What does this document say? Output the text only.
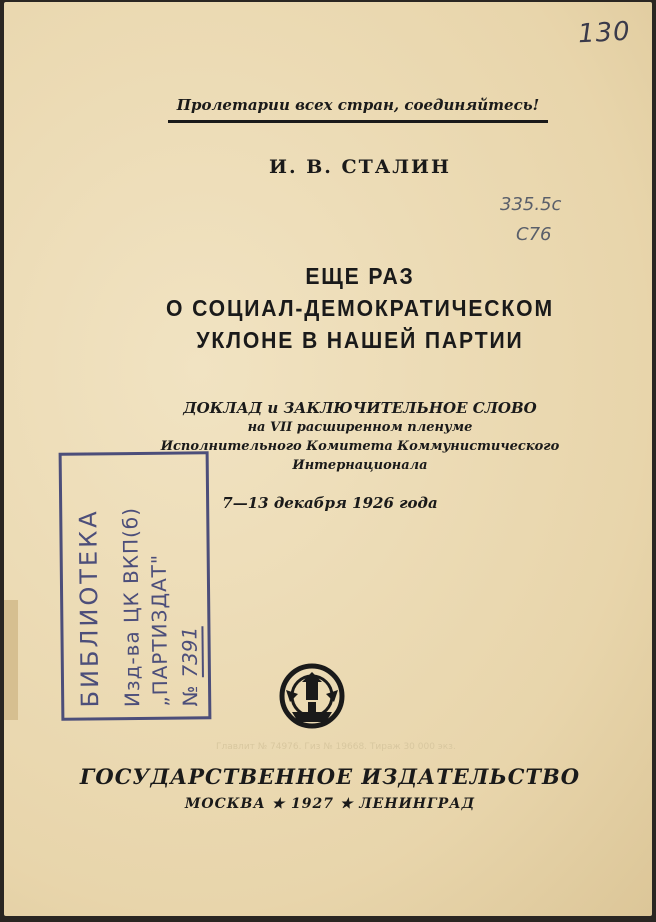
130
335.5с
С76
Пролетарии всех стран, соединяйтесь!
И. В. СТАЛИН
ЕЩЕ РАЗ
О СОЦИАЛ-ДЕМОКРАТИЧЕСКОМ
УКЛОНЕ В НАШЕЙ ПАРТИИ
ДОКЛАД и ЗАКЛЮЧИТЕЛЬНОЕ СЛОВО
на VII расширенном пленуме
Исполнительного Комитета Коммунистического
Интернационала
7—13 декабря 1926 года
БИБЛИОТЕКА Изд-ва ЦК ВКП(б) „ПАРТИЗДАТ" №7391
Главлит № 74976. Гиз № 19668. Тираж 30 000 экз.
ГОСУДАРСТВЕННОЕ ИЗДАТЕЛЬСТВО
МОСКВА ★ 1927 ★ ЛЕНИНГРАД
